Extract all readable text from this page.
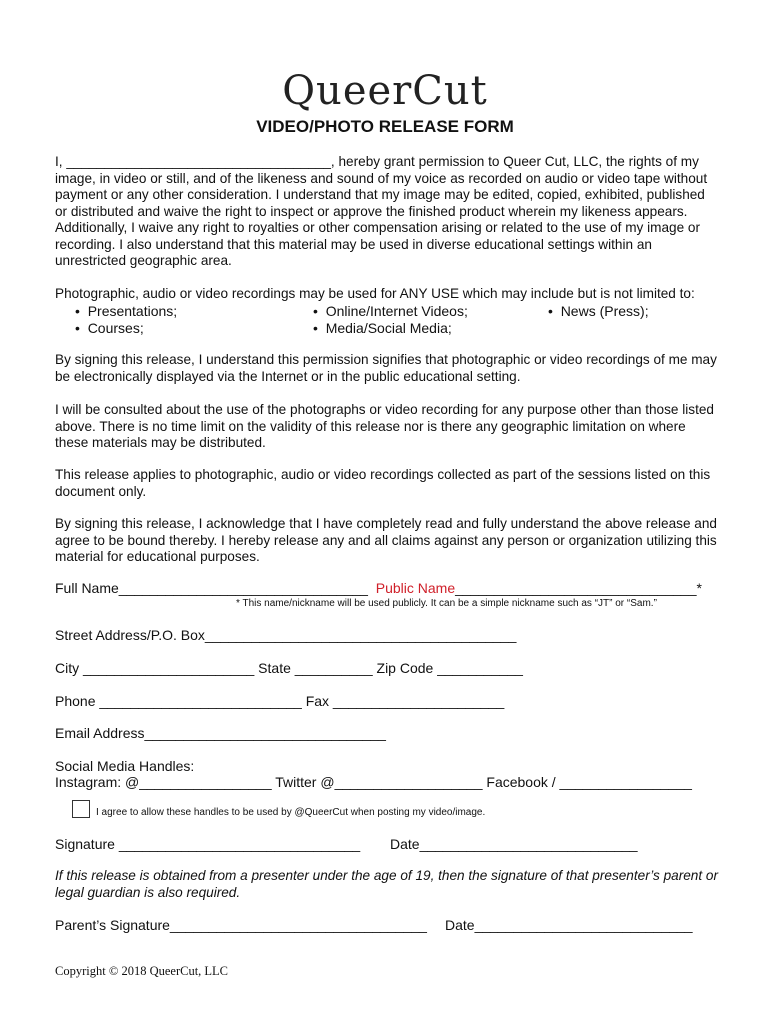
QueerCut
VIDEO/PHOTO RELEASE FORM
I, ___________________________________, hereby grant permission to Queer Cut, LLC, the rights of my image, in video or still, and of the likeness and sound of my voice as recorded on audio or video tape without payment or any other consideration. I understand that my image may be edited, copied, exhibited, published or distributed and waive the right to inspect or approve the finished product wherein my likeness appears. Additionally, I waive any right to royalties or other compensation arising or related to the use of my image or recording. I also understand that this material may be used in diverse educational settings within an unrestricted geographic area.
Photographic, audio or video recordings may be used for ANY USE which may include but is not limited to:
•  Presentations;	•  Online/Internet Videos;	•  News (Press);
•  Courses;	•  Media/Social Media;
By signing this release, I understand this permission signifies that photographic or video recordings of me may be electronically displayed via the Internet or in the public educational setting.
I will be consulted about the use of the photographs or video recording for any purpose other than those listed above. There is no time limit on the validity of this release nor is there any geographic limitation on where these materials may be distributed.
This release applies to photographic, audio or video recordings collected as part of the sessions listed on this document only.
By signing this release, I acknowledge that I have completely read and fully understand the above release and agree to be bound thereby. I hereby release any and all claims against any person or organization utilizing this material for educational purposes.
Full Name________________________________ Public Name_______________________________*
* This name/nickname will be used publicly. It can be a simple nickname such as “JT” or “Sam.”
Street Address/P.O. Box________________________________________
City ______________________ State __________ Zip Code ___________
Phone __________________________ Fax ______________________
Email Address_______________________________
Social Media Handles:
Instagram: @_________________ Twitter @___________________ Facebook / _________________
I agree to allow these handles to be used by @QueerCut when posting my video/image.
Signature _______________________________ Date____________________________
If this release is obtained from a presenter under the age of 19, then the signature of that presenter’s parent or legal guardian is also required.
Parent’s Signature_________________________________ Date____________________________
Copyright © 2018 QueerCut, LLC
